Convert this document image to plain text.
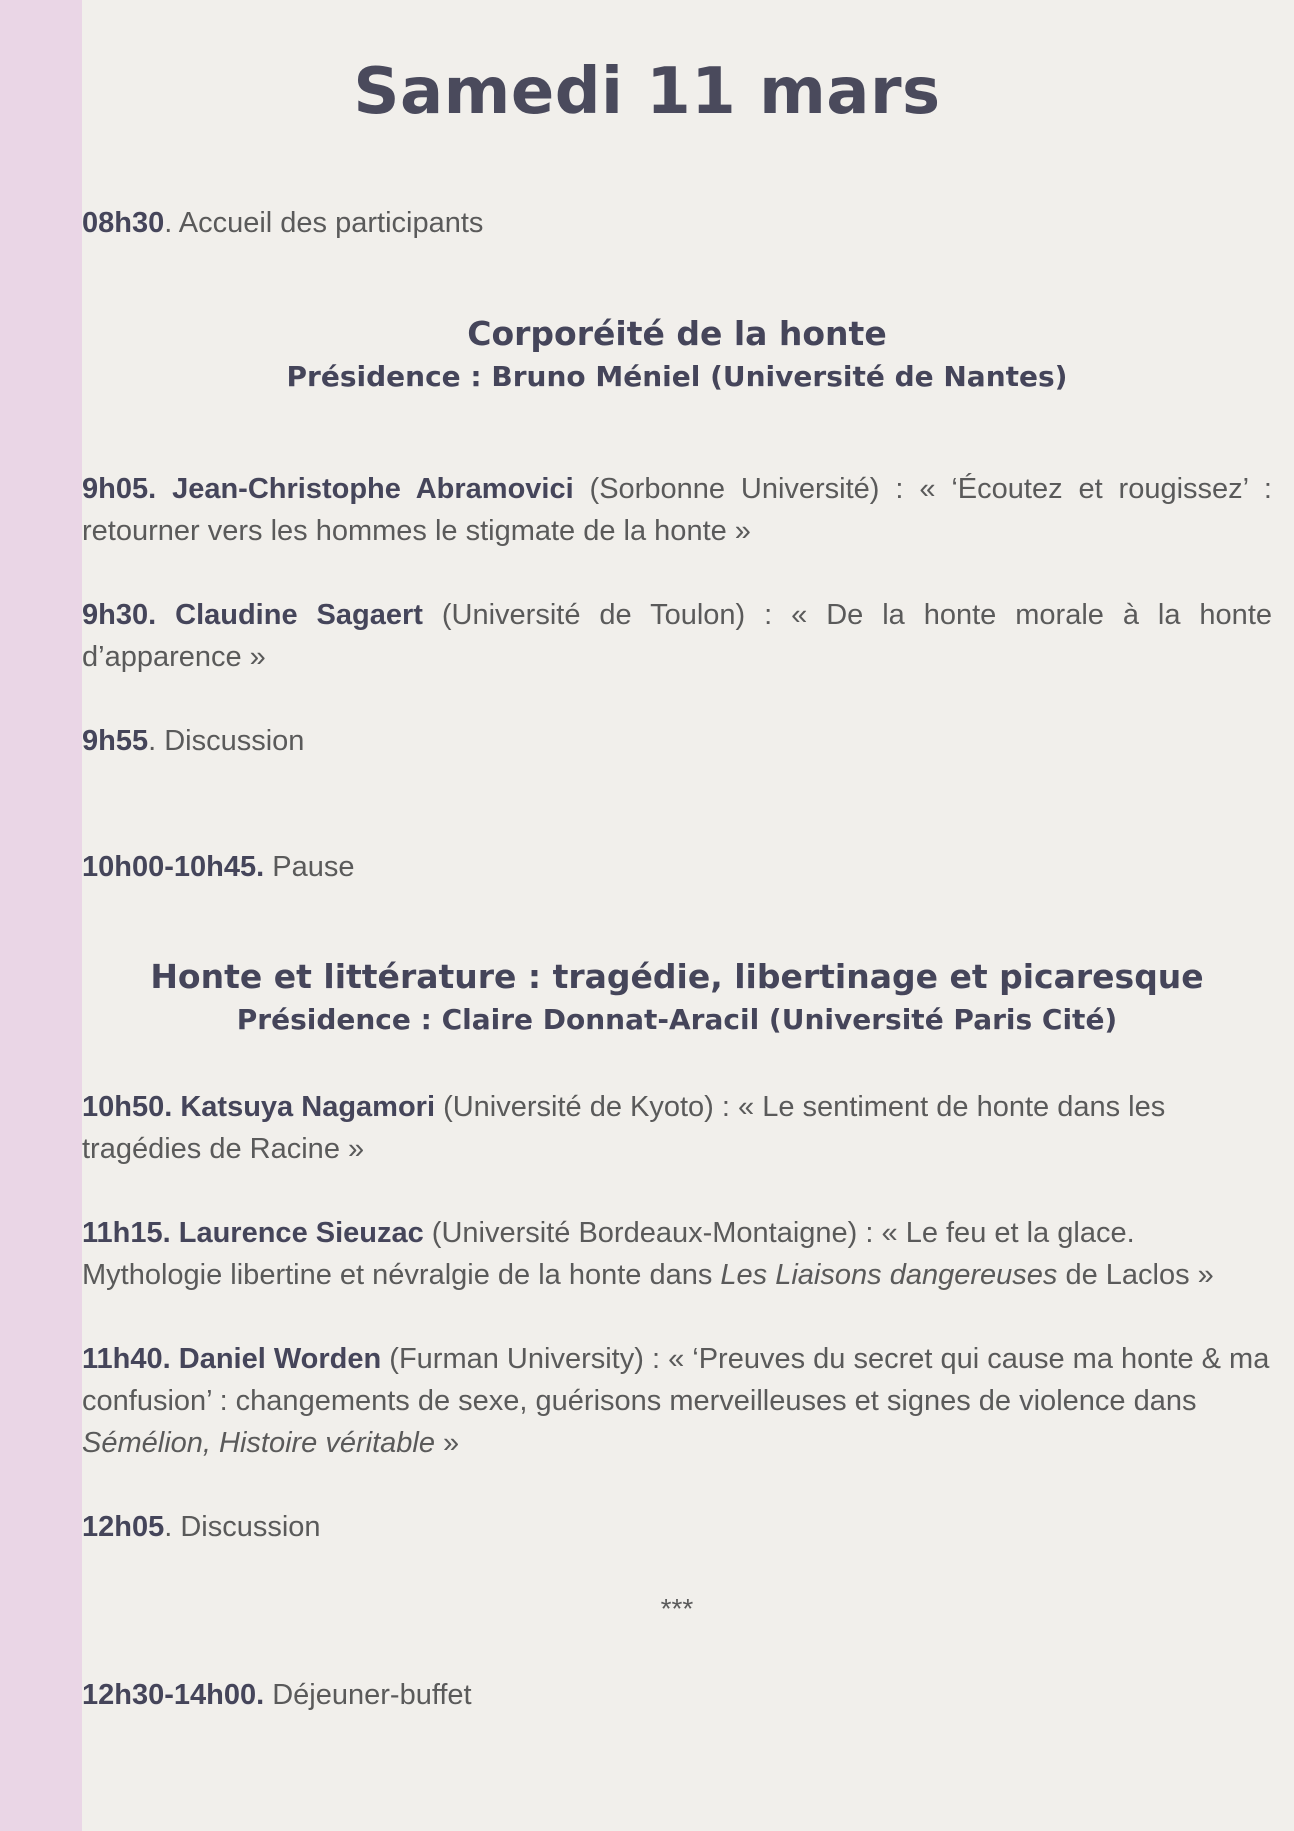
Samedi 11 mars

08h30. Accueil des participants

Corporéité de la honte
Présidence : Bruno Méniel (Université de Nantes)

9h05. Jean-Christophe Abramovici (Sorbonne Université) : « ‘Écoutez et rougissez’ : retourner vers les hommes le stigmate de la honte »

9h30. Claudine Sagaert (Université de Toulon) : « De la honte morale à la honte d’apparence »

9h55. Discussion

10h00-10h45. Pause

Honte et littérature : tragédie, libertinage et picaresque
Présidence : Claire Donnat-Aracil (Université Paris Cité)

10h50. Katsuya Nagamori (Université de Kyoto) : « Le sentiment de honte dans les tragédies de Racine »

11h15. Laurence Sieuzac (Université Bordeaux-Montaigne) : « Le feu et la glace. Mythologie libertine et névralgie de la honte dans Les Liaisons dangereuses de Laclos »

11h40. Daniel Worden (Furman University) : « ‘Preuves du secret qui cause ma honte & ma confusion’ : changements de sexe, guérisons merveilleuses et signes de violence dans Sémélion, Histoire véritable »

12h05. Discussion

***

12h30-14h00. Déjeuner-buffet
